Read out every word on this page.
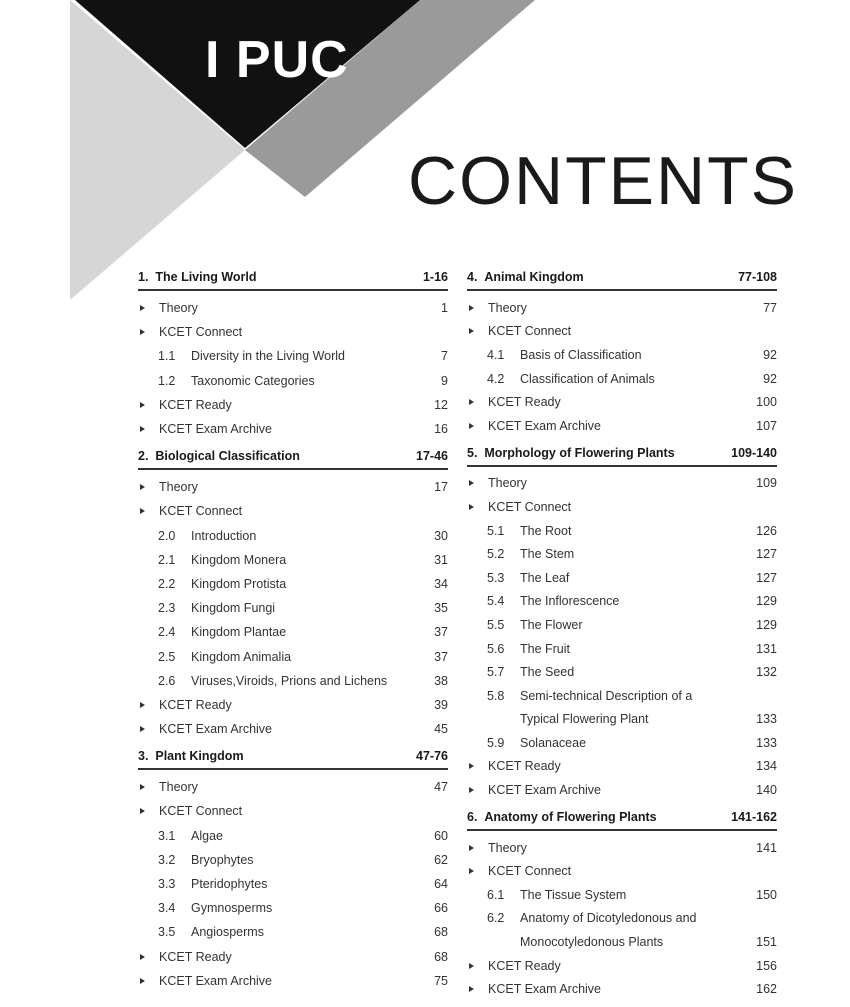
I PUC
CONTENTS
1.  The Living World	1-16
Theory	1
KCET Connect
1.1	Diversity in the Living World	7
1.2	Taxonomic Categories	9
KCET Ready	12
KCET Exam Archive	16
2.  Biological Classification	17-46
Theory	17
KCET Connect
2.0	Introduction	30
2.1	Kingdom Monera	31
2.2	Kingdom Protista	34
2.3	Kingdom Fungi	35
2.4	Kingdom Plantae	37
2.5	Kingdom Animalia	37
2.6	Viruses,Viroids, Prions and Lichens	38
KCET Ready	39
KCET Exam Archive	45
3.  Plant Kingdom	47-76
Theory	47
KCET Connect
3.1	Algae	60
3.2	Bryophytes	62
3.3	Pteridophytes	64
3.4	Gymnosperms	66
3.5	Angiosperms	68
KCET Ready	68
KCET Exam Archive	75
4.  Animal Kingdom	77-108
Theory	77
KCET Connect
4.1	Basis of Classification	92
4.2	Classification of Animals	92
KCET Ready	100
KCET Exam Archive	107
5.  Morphology of Flowering Plants	109-140
Theory	109
KCET Connect
5.1	The Root	126
5.2	The Stem	127
5.3	The Leaf	127
5.4	The Inflorescence	129
5.5	The Flower	129
5.6	The Fruit	131
5.7	The Seed	132
5.8	Semi-technical Description of a
Typical Flowering Plant	133
5.9	Solanaceae	133
KCET Ready	134
KCET Exam Archive	140
6.  Anatomy of Flowering Plants	141-162
Theory	141
KCET Connect
6.1	The Tissue System	150
6.2	Anatomy of Dicotyledonous and
Monocotyledonous Plants	151
KCET Ready	156
KCET Exam Archive	162
